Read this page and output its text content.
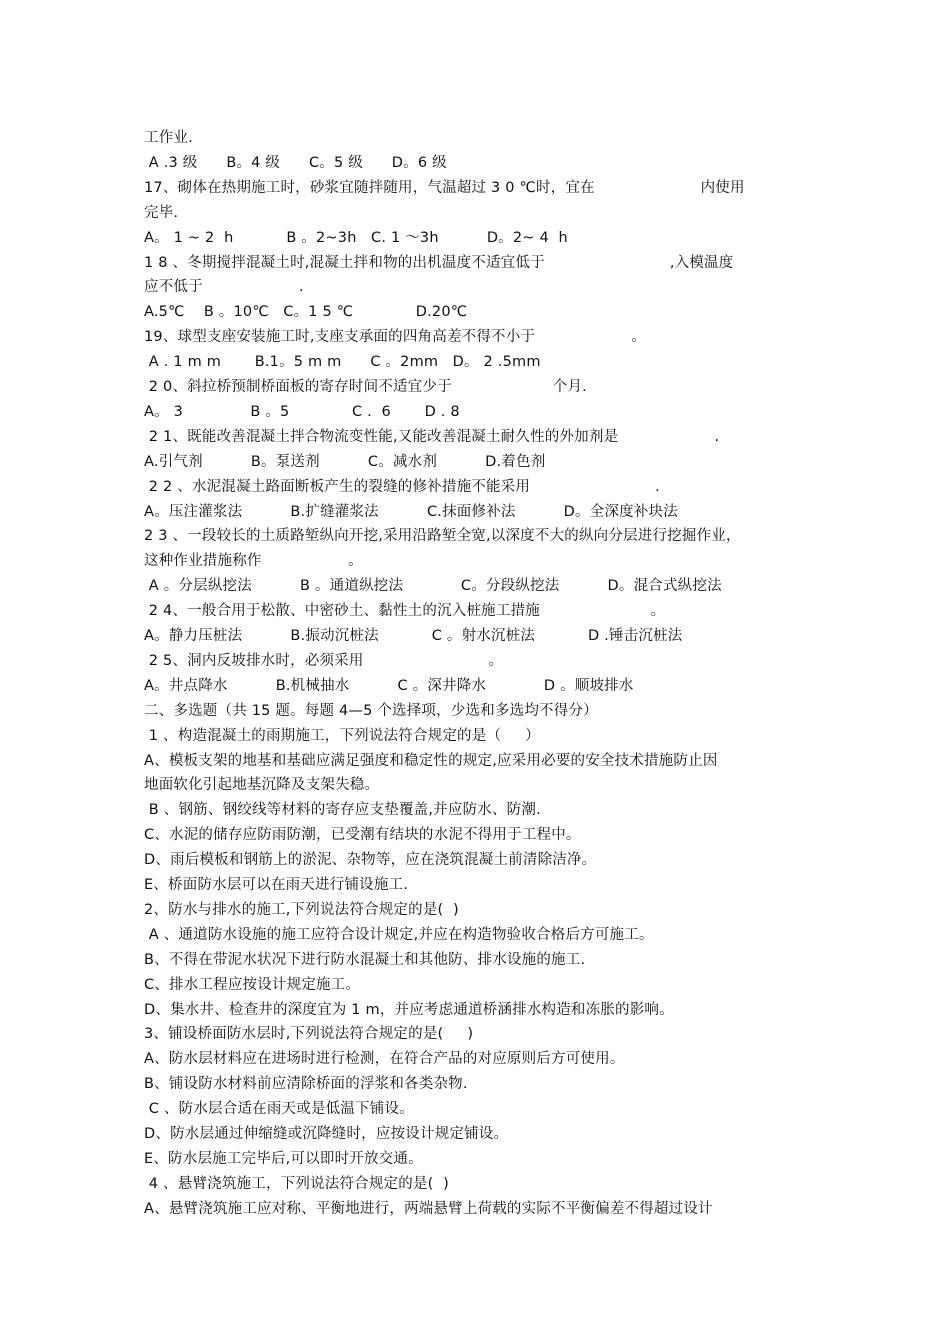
工作业.
A .3 级      B。4 级      C。5 级      D。6 级
17、砌体在热期施工时，砂浆宜随拌随用，气温超过 3 0 ℃时，宜在                      内使用
完毕.
A。 1 ~ 2  h           B 。2~3h   C. 1 ～3h          D。2~ 4  h
1 8 、冬期搅拌混凝土时,混凝土拌和物的出机温度不适宜低于                          ,入模温度
应不低于                    .
A.5℃    B 。10℃   C。1 5 ℃             D.20℃
19、球型支座安装施工时,支座支承面的四角高差不得不小于                    。
A . 1 m m       B.1。5 m m      C 。2mm   D。 2 .5mm
2 0、斜拉桥预制桥面板的寄存时间不适宜少于                     个月.
A。 3              B 。5             C .  6       D . 8
2 1、既能改善混凝土拌合物流变性能,又能改善混凝土耐久性的外加剂是                    .
A.引气剂          B。泵送剂          C。减水剂          D.着色剂
2 2 、水泥混凝土路面断板产生的裂缝的修补措施不能采用                          .
A。压注灌浆法          B.扩缝灌浆法          C.抹面修补法          D。全深度补块法
2 3 、一段较长的土质路堑纵向开挖,采用沿路堑全宽,以深度不大的纵向分层进行挖掘作业，
这种作业措施称作                  。
A 。分层纵挖法          B 。通道纵挖法            C。分段纵挖法          D。混合式纵挖法
2 4、一般合用于松散、中密砂土、黏性土的沉入桩施工措施                       。
A。静力压桩法          B.振动沉桩法           C 。射水沉桩法           D .锤击沉桩法
2 5、洞内反坡排水时，必须采用                          。
A。井点降水          B.机械抽水          C 。深井降水            D 。顺坡排水
二、多选题（共 15 题。每题 4—5 个选择项，少选和多选均不得分）
1 、构造混凝土的雨期施工，下列说法符合规定的是（     ）
A、模板支架的地基和基础应满足强度和稳定性的规定,应采用必要的安全技术措施防止因
地面软化引起地基沉降及支架失稳。
B 、钢筋、钢绞线等材料的寄存应支垫覆盖,并应防水、防潮.
C、水泥的储存应防雨防潮，已受潮有结块的水泥不得用于工程中。
D、雨后模板和钢筋上的淤泥、杂物等，应在浇筑混凝土前清除洁净。
E、桥面防水层可以在雨天进行铺设施工.
2、防水与排水的施工,下列说法符合规定的是(  )
A 、通道防水设施的施工应符合设计规定,并应在构造物验收合格后方可施工。
B、不得在带泥水状况下进行防水混凝土和其他防、排水设施的施工.
C、排水工程应按设计规定施工。
D、集水井、检查井的深度宜为 1 m，并应考虑通道桥涵排水构造和冻胀的影响。
3、铺设桥面防水层时,下列说法符合规定的是(     )
A、防水层材料应在进场时进行检测，在符合产品的对应原则后方可使用。
B、铺设防水材料前应清除桥面的浮浆和各类杂物.
C 、防水层合适在雨天或是低温下铺设。
D、防水层通过伸缩缝或沉降缝时，应按设计规定铺设。
E、防水层施工完毕后,可以即时开放交通。
4 、悬臂浇筑施工，下列说法符合规定的是(  )
A、悬臂浇筑施工应对称、平衡地进行，两端悬臂上荷载的实际不平衡偏差不得超过设计
